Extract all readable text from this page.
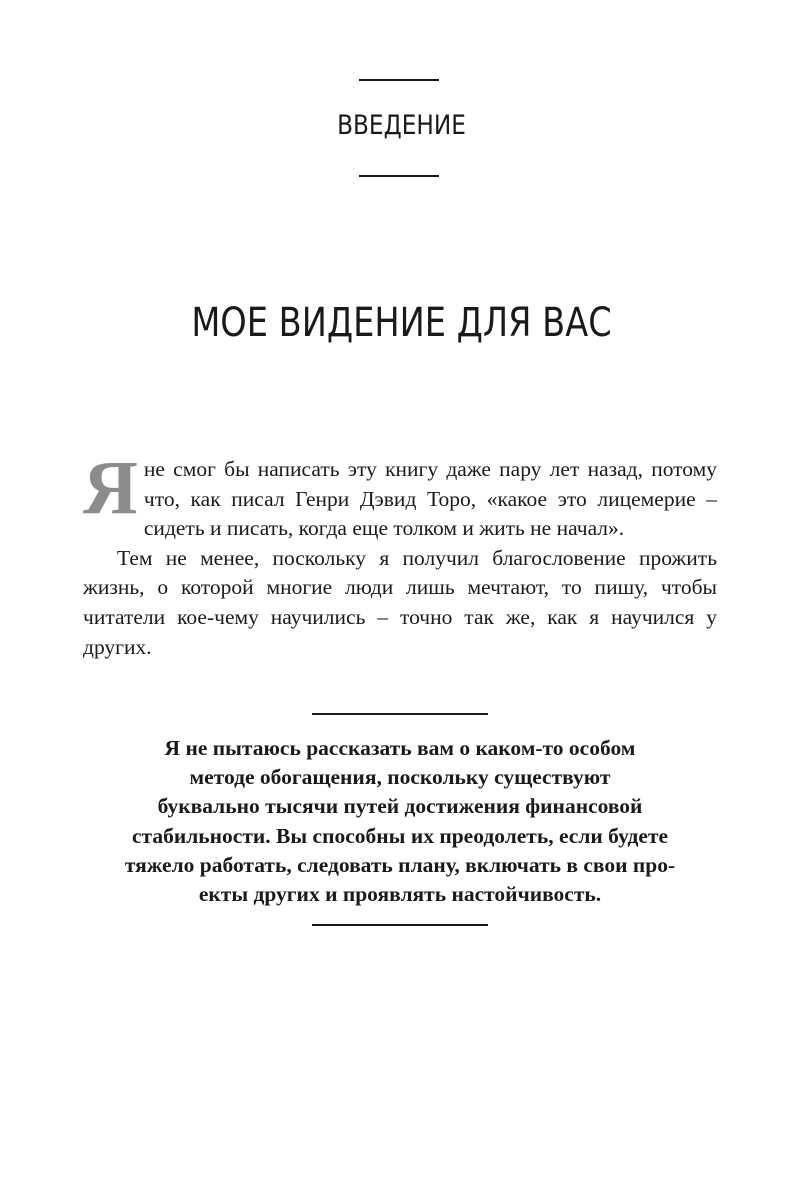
ВВЕДЕНИЕ
МОЕ ВИДЕНИЕ ДЛЯ ВАС

Яне смог бы написать эту книгу даже пару лет назад, потому что, как писал Генри Дэвид Торо, «какое это лицемерие – сидеть и писать, когда еще толком и жить не начал».

Тем не менее, поскольку я получил благословение прожить жизнь, о которой многие люди лишь мечтают, то пишу, чтобы читатели кое-чему научились – точно так же, как я научился у других.

Я не пытаюсь рассказать вам о каком-то особом
методе обогащения, поскольку существуют
буквально тысячи путей достижения финансовой
стабильности. Вы способны их преодолеть, если будете
тяжело работать, следовать плану, включать в свои про-
екты других и проявлять настойчивость.
